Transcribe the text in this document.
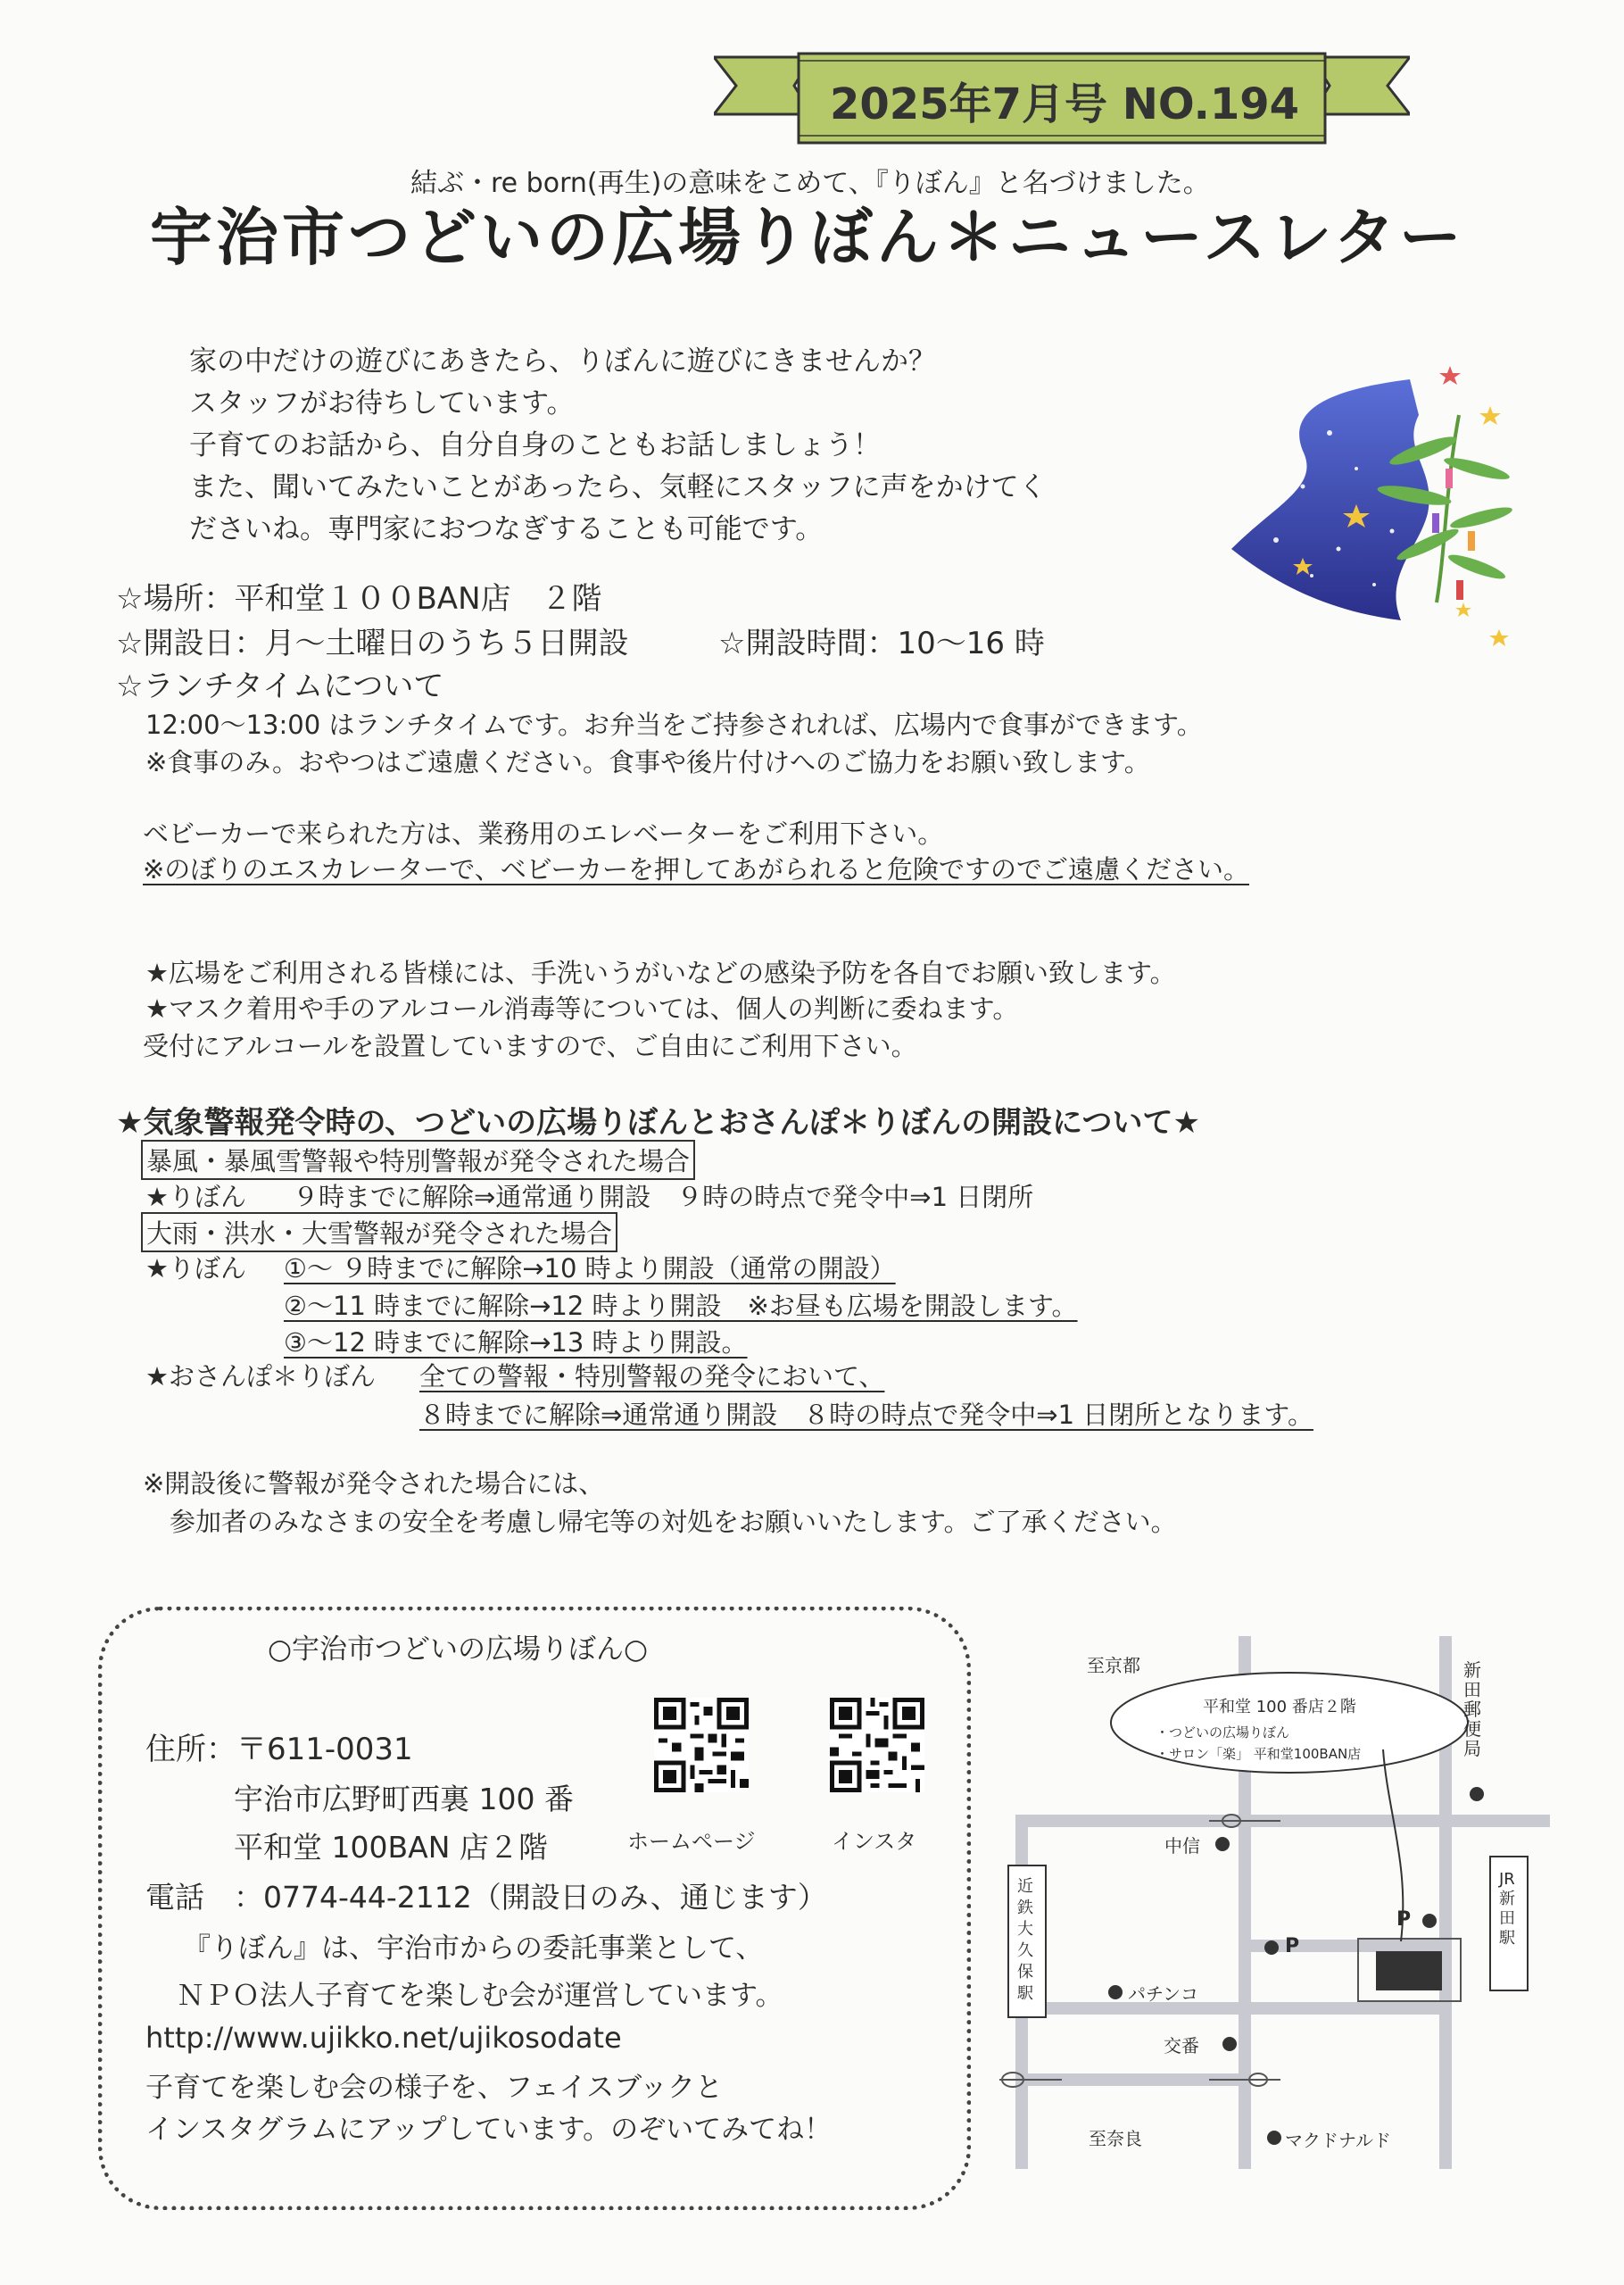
2025年7月号 NO.194
結ぶ・re born(再生)の意味をこめて、『りぼん』と名づけました。
宇治市つどいの広場りぼん＊ニュースレター
家の中だけの遊びにあきたら、りぼんに遊びにきませんか？
スタッフがお待ちしています。
子育てのお話から、自分自身のこともお話しましょう！
また、聞いてみたいことがあったら、気軽にスタッフに声をかけてく
ださいね。専門家におつなぎすることも可能です。
☆場所：平和堂１００BAN店　２階
☆開設日：月～土曜日のうち５日開設	☆開設時間：10～16 時
☆ランチタイムについて
12:00～13:00 はランチタイムです。お弁当をご持参されれば、広場内で食事ができます。
※食事のみ。おやつはご遠慮ください。食事や後片付けへのご協力をお願い致します。
ベビーカーで来られた方は、業務用のエレベーターをご利用下さい。
※のぼりのエスカレーターで、ベビーカーを押してあがられると危険ですのでご遠慮ください。
★広場をご利用される皆様には、手洗いうがいなどの感染予防を各自でお願い致します。
★マスク着用や手のアルコール消毒等については、個人の判断に委ねます。
受付にアルコールを設置していますので、ご自由にご利用下さい。
★気象警報発令時の、つどいの広場りぼんとおさんぽ＊りぼんの開設について★
暴風・暴風雪警報や特別警報が発令された場合
★りぼん ９時までに解除⇒通常通り開設　９時の時点で発令中⇒1 日閉所
大雨・洪水・大雪警報が発令された場合
★りぼん ①～ ９時までに解除→10 時より開設（通常の開設）
②～11 時までに解除→12 時より開設　※お昼も広場を開設します。
③～12 時までに解除→13 時より開設。
★おさんぽ＊りぼん 全ての警報・特別警報の発令において、
８時までに解除⇒通常通り開設　８時の時点で発令中⇒1 日閉所となります。
※開設後に警報が発令された場合には、
参加者のみなさまの安全を考慮し帰宅等の対処をお願いいたします。ご了承ください。
○宇治市つどいの広場りぼん○
住所：〒611-0031
宇治市広野町西裏 100 番
平和堂 100BAN 店２階	ホームページ	インスタ
電話　：0774-44-2112（開設日のみ、通じます）
『りぼん』は、宇治市からの委託事業として、
ＮＰＯ法人子育てを楽しむ会が運営しています。
http://www.ujikko.net/ujikosodate
子育てを楽しむ会の様子を、フェイスブックと
インスタグラムにアップしています。のぞいてみてね！
至京都
至奈良
平和堂 100 番店２階
・つどいの広場りぼん
・サロン「楽」 平和堂100BAN店
新田郵便局
JR新田駅
近鉄大久保駅
中信
パチンコ
交番
マクドナルド
P
P
